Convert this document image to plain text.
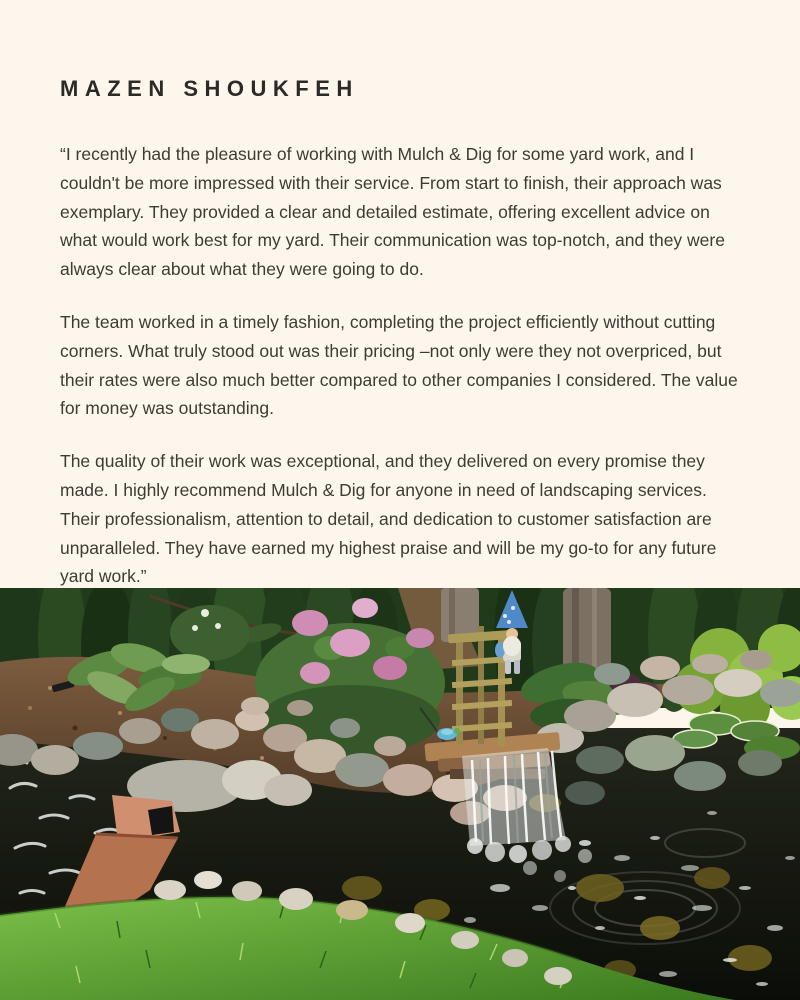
MAZEN SHOUKFEH

“I recently had the pleasure of working with Mulch & Dig for some yard work, and I couldn't be more impressed with their service. From start to finish, their approach was exemplary. They provided a clear and detailed estimate, offering excellent advice on what would work best for my yard. Their communication was top-notch, and they were always clear about what they were going to do.

The team worked in a timely fashion, completing the project efficiently without cutting corners. What truly stood out was their pricing –not only were they not overpriced, but their rates were also much better compared to other companies I considered. The value for money was outstanding.

The quality of their work was exceptional, and they delivered on every promise they made. I highly recommend Mulch & Dig for anyone in need of landscaping services. Their professionalism, attention to detail, and dedication to customer satisfaction are unparalleled. They have earned my highest praise and will be my go-to for any future yard work.”
